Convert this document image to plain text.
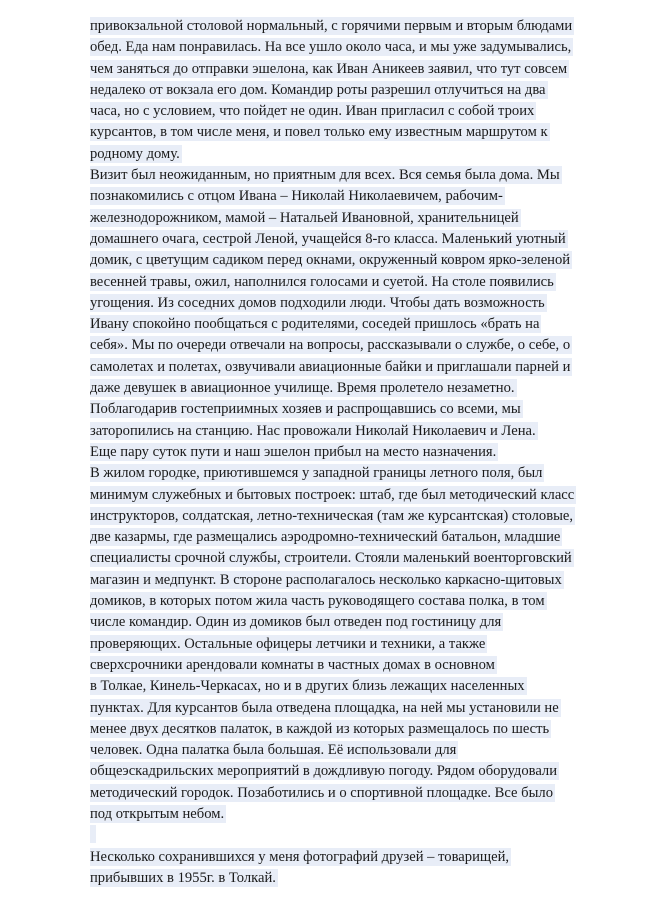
привокзальной столовой нормальный, с горячими первым и вторым блюдами
обед. Еда нам понравилась. На все ушло около часа, и мы уже задумывались,
чем заняться до отправки эшелона, как Иван Аникеев заявил, что тут совсем
недалеко от вокзала его дом. Командир роты разрешил отлучиться на два
часа, но с условием, что пойдет не один. Иван пригласил с собой троих
курсантов, в том числе меня, и повел только ему известным маршрутом к
родному дому.
Визит был неожиданным, но приятным для всех. Вся семья была дома. Мы
познакомились с отцом Ивана – Николай Николаевичем, рабочим-
железнодорожником, мамой – Натальей Ивановной, хранительницей
домашнего очага, сестрой Леной, учащейся 8-го класса. Маленький уютный
домик, с цветущим садиком перед окнами, окруженный ковром ярко-зеленой
весенней травы, ожил, наполнился голосами и суетой. На столе появились
угощения. Из соседних домов подходили люди. Чтобы дать возможность
Ивану спокойно пообщаться с родителями, соседей пришлось «брать на
себя». Мы по очереди отвечали на вопросы, рассказывали о службе, о себе, о
самолетах и полетах, озвучивали авиационные байки и приглашали парней и
даже девушек в авиационное училище. Время пролетело незаметно.
Поблагодарив гостеприимных хозяев и распрощавшись со всеми, мы
заторопились на станцию. Нас провожали Николай Николаевич и Лена.
Еще пару суток пути и наш эшелон прибыл на место назначения.
В жилом городке, приютившемся у западной границы летного поля, был
минимум служебных и бытовых построек: штаб, где был методический класс
инструкторов, солдатская, летно-техническая (там же курсантская) столовые,
две казармы, где размещались аэродромно-технический батальон, младшие
специалисты срочной службы, строители. Стояли маленький военторговский
магазин и медпункт. В стороне располагалось несколько каркасно-щитовых
домиков, в которых потом жила часть руководящего состава полка, в том
числе командир. Один из домиков был отведен под гостиницу для
проверяющих. Остальные офицеры летчики и техники, а также
сверхсрочники арендовали комнаты в частных домах в основном
в Толкае, Кинель-Черкасах, но и в других близь лежащих населенных
пунктах. Для курсантов была отведена площадка, на ней мы установили не
менее двух десятков палаток, в каждой из которых размещалось по шесть
человек. Одна палатка была большая. Её использовали для
общеэскадрильских мероприятий в дождливую погоду. Рядом оборудовали
методический городок. Позаботились и о спортивной площадке. Все было
под открытым небом.
Несколько сохранившихся у меня фотографий друзей – товарищей,
прибывших в 1955г. в Толкай.
